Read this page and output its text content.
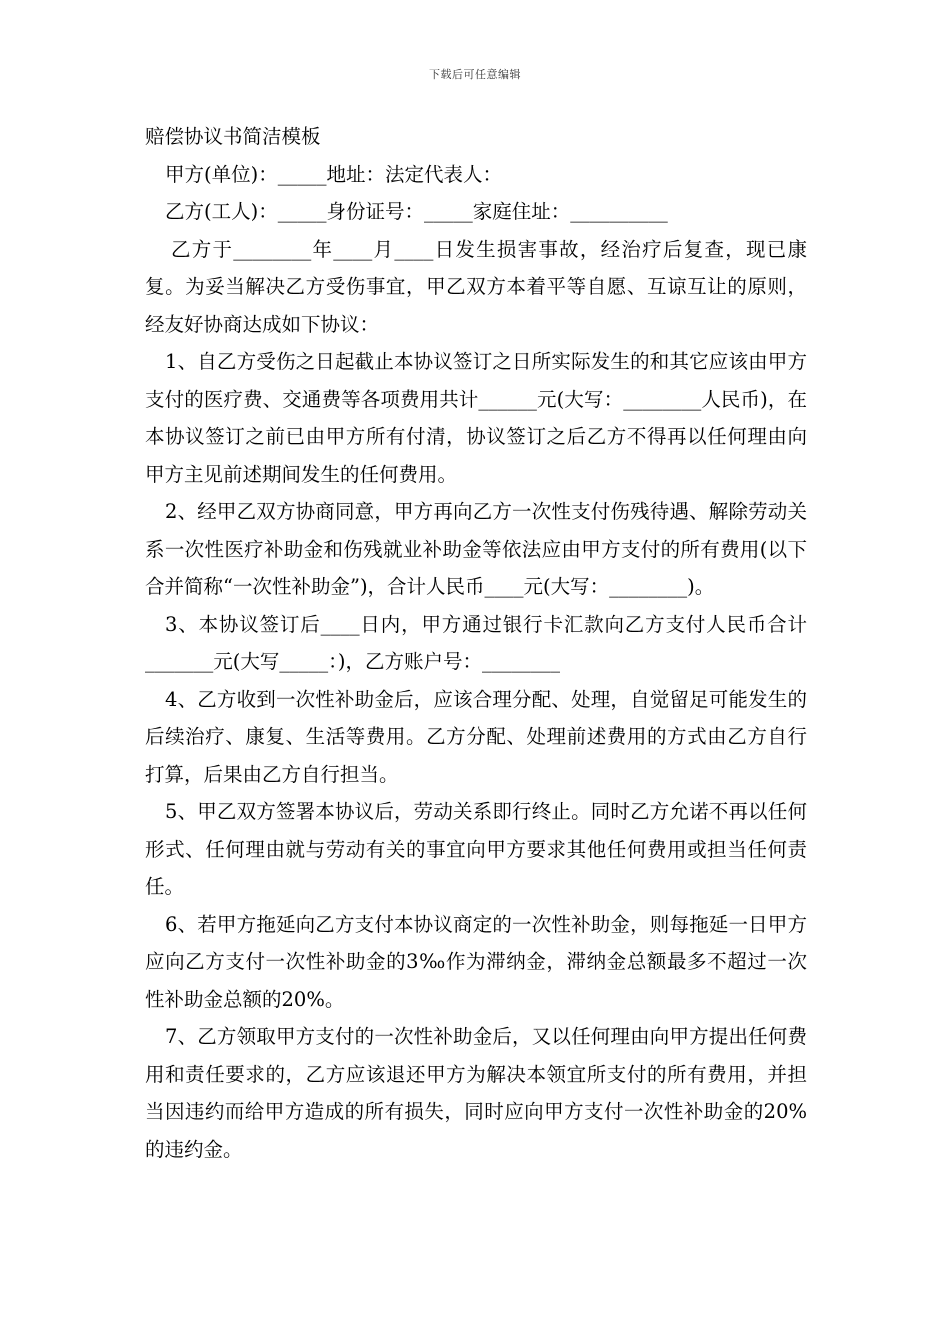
下载后可任意编辑

赔偿协议书简洁模板

甲方(单位)：_____地址：法定代表人：

乙方(工人)：_____身份证号：_____家庭住址：__________

乙方于________年____月____日发生损害事故，经治疗后复查，现已康复。为妥当解决乙方受伤事宜，甲乙双方本着平等自愿、互谅互让的原则，经友好协商达成如下协议：

1、自乙方受伤之日起截止本协议签订之日所实际发生的和其它应该由甲方支付的医疗费、交通费等各项费用共计______元(大写：________人民币)，在本协议签订之前已由甲方所有付清，协议签订之后乙方不得再以任何理由向甲方主见前述期间发生的任何费用。

2、经甲乙双方协商同意，甲方再向乙方一次性支付伤残待遇、解除劳动关系一次性医疗补助金和伤残就业补助金等依法应由甲方支付的所有费用(以下合并简称“一次性补助金”)，合计人民币____元(大写：________)。

3、本协议签订后____日内，甲方通过银行卡汇款向乙方支付人民币合计_______元(大写_____：)，乙方账户号：________

4、乙方收到一次性补助金后，应该合理分配、处理，自觉留足可能发生的后续治疗、康复、生活等费用。乙方分配、处理前述费用的方式由乙方自行打算，后果由乙方自行担当。

5、甲乙双方签署本协议后，劳动关系即行终止。同时乙方允诺不再以任何形式、任何理由就与劳动有关的事宜向甲方要求其他任何费用或担当任何责任。

6、若甲方拖延向乙方支付本协议商定的一次性补助金，则每拖延一日甲方应向乙方支付一次性补助金的3‰作为滞纳金，滞纳金总额最多不超过一次性补助金总额的20%。

7、乙方领取甲方支付的一次性补助金后，又以任何理由向甲方提出任何费用和责任要求的，乙方应该退还甲方为解决本领宜所支付的所有费用，并担当因违约而给甲方造成的所有损失，同时应向甲方支付一次性补助金的20%的违约金。
